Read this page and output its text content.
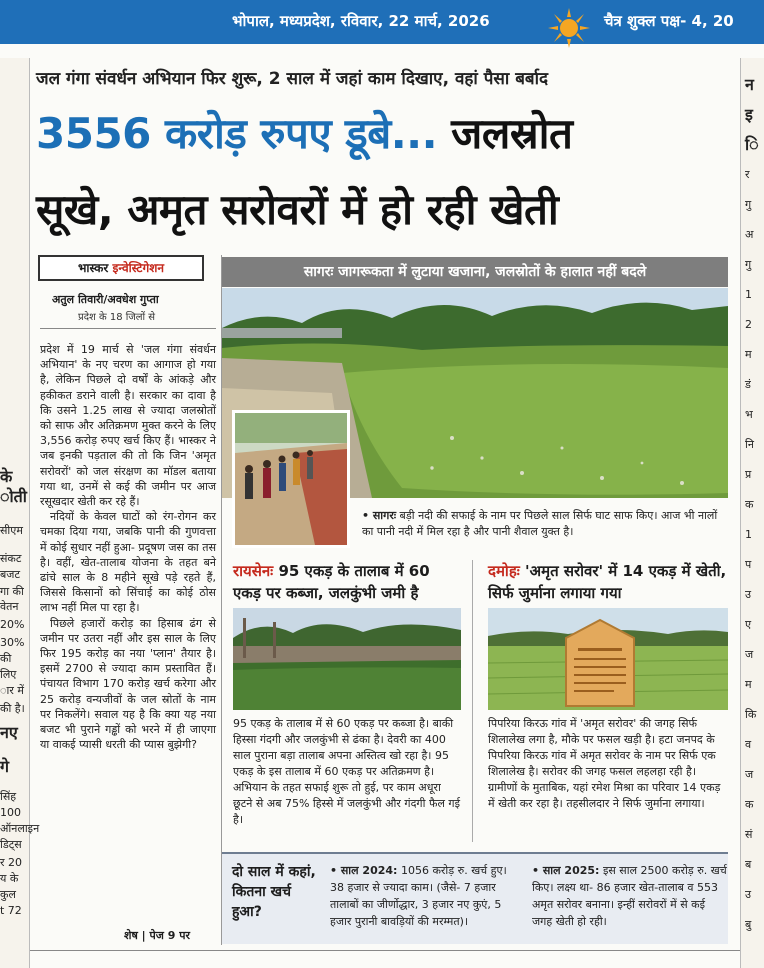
भोपाल, मध्यप्रदेश, रविवार, 22 मार्च, 2026	चैत्र शुक्ल पक्ष- 4, 20
के
ोती
सीएम
संकट
बजट
गा की
वेतन
20%
30%
की
लिए
ार में
की है।
नए
गे
सिंह
100
ऑनलाइन
डिट्स
र 20
य के
कुल
t 72
न
इ
ि
र
गु
अ
गु
1
2
म
डं
भ
नि
प्र
क
1
प
उ
ए
ज
म
कि
व
ज
क
सं
ब
उ
बु
जल गंगा संवर्धन अभियान फिर शुरू, 2 साल में जहां काम दिखाए, वहां पैसा बर्बाद
3556 करोड़ रुपए डूबे... जलस्रोत
सूखे, अमृत सरोवरों में हो रही खेती
भास्कर इन्वेस्टिगेशन
अतुल तिवारी/अवधेश गुप्ता
प्रदेश के 18 जिलों से

प्रदेश में 19 मार्च से 'जल गंगा संवर्धन अभियान' के नए चरण का आगाज हो गया है, लेकिन पिछले दो वर्षों के आंकड़े और हकीकत डराने वाली है। सरकार का दावा है कि उसने 1.25 लाख से ज्यादा जलस्रोतों को साफ और अतिक्रमण मुक्त करने के लिए 3,556 करोड़ रुपए खर्च किए हैं। भास्कर ने जब इनकी पड़ताल की तो कि जिन 'अमृत सरोवरों' को जल संरक्षण का मॉडल बताया गया था, उनमें से कई की जमीन पर आज रसूखदार खेती कर रहे हैं।

नदियों के केवल घाटों को रंग-रोगन कर चमका दिया गया, जबकि पानी की गुणवत्ता में कोई सुधार नहीं हुआ- प्रदूषण जस का तस है। वहीं, खेत-तालाब योजना के तहत बने ढांचे साल के 8 महीने सूखे पड़े रहते हैं, जिससे किसानों को सिंचाई का कोई ठोस लाभ नहीं मिल पा रहा है।

पिछले हजारों करोड़ का हिसाब ढंग से जमीन पर उतरा नहीं और इस साल के लिए फिर 195 करोड़ का नया 'प्लान' तैयार है। इसमें 2700 से ज्यादा काम प्रस्तावित हैं। पंचायत विभाग 170 करोड़ खर्च करेगा और 25 करोड़ वन्यजीवों के जल स्रोतों के नाम पर निकलेंगे। सवाल यह है कि क्या यह नया बजट भी पुराने गड्ढों को भरने में ही जाएगा या वाकई प्यासी धरती की प्यास बुझेगी?

शेष | पेज 9 पर
सागरः जागरूकता में लुटाया खजाना, जलस्रोतों के हालात नहीं बदले
• सागरः बड़ी नदी की सफाई के नाम पर पिछले साल सिर्फ घाट साफ किए। आज भी नालों का पानी नदी में मिल रहा है और पानी शैवाल युक्त है।
रायसेनः 95 एकड़ के तालाब में 60 एकड़ पर कब्जा, जलकुंभी जमी है
दमोहः 'अमृत सरोवर' में 14 एकड़ में खेती, सिर्फ जुर्माना लगाया गया
95 एकड़ के तालाब में से 60 एकड़ पर कब्जा है। बाकी हिस्सा गंदगी और जलकुंभी से ढंका है। देवरी का 400 साल पुराना बड़ा तालाब अपना अस्तित्व खो रहा है। 95 एकड़ के इस तालाब में 60 एकड़ पर अतिक्रमण है। अभियान के तहत सफाई शुरू तो हुई, पर काम अधूरा छूटने से अब 75% हिस्से में जलकुंभी और गंदगी फैल गई है।
पिपरिया किरऊ गांव में 'अमृत सरोवर' की जगह सिर्फ शिलालेख लगा है, मौके पर फसल खड़ी है। हटा जनपद के पिपरिया किरऊ गांव में अमृत सरोवर के नाम पर सिर्फ एक शिलालेख है। सरोवर की जगह फसल लहलहा रही है। ग्रामीणों के मुताबिक, यहां रमेश मिश्रा का परिवार 14 एकड़ में खेती कर रहा है। तहसीलदार ने सिर्फ जुर्माना लगाया।
दो साल में कहां, कितना खर्च हुआ?
• साल 2024: 1056 करोड़ रु. खर्च हुए। 38 हजार से ज्यादा काम। (जैसे- 7 हजार तालाबों का जीर्णोद्धार, 3 हजार नए कुएं, 5 हजार पुरानी बावड़ियों की मरम्मत)।
• साल 2025: इस साल 2500 करोड़ रु. खर्च किए। लक्ष्य था- 86 हजार खेत-तालाब व 553 अमृत सरोवर बनाना। इन्हीं सरोवरों में से कई जगह खेती हो रही।
